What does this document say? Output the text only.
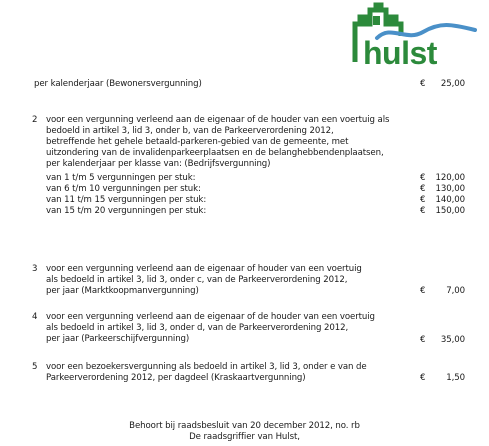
hulst
per kalenderjaar (Bewonersvergunning)	€	25,00
2 voor een vergunning verleend aan de eigenaar of de houder van een voertuig als
bedoeld in artikel 3, lid 3, onder b, van de Parkeerverordening 2012,
betreffende het gehele betaald-parkeren-gebied van de gemeente, met
uitzondering van de invalidenparkeerplaatsen en de belanghebbendenplaatsen,
per kalenderjaar per klasse van: (Bedrijfsvergunning)
van 1 t/m 5 vergunningen per stuk:	€	120,00
van 6 t/m 10 vergunningen per stuk:	€	130,00
van 11 t/m 15 vergunningen per stuk:	€	140,00
van 15 t/m 20 vergunningen per stuk:	€	150,00
3 voor een vergunning verleend aan de eigenaar of houder van een voertuig
als bedoeld in artikel 3, lid 3, onder c, van de Parkeerverordening 2012,
per jaar (Marktkoopmanvergunning)	€	7,00
4 voor een vergunning verleend aan de eigenaar of de houder van een voertuig
als bedoeld in artikel 3, lid 3, onder d, van de Parkeerverordening 2012,
per jaar (Parkeerschijfvergunning)	€	35,00
5 voor een bezoekersvergunning als bedoeld in artikel 3, lid 3, onder e van de
Parkeerverordening 2012, per dagdeel (Kraskaartvergunning)	€	1,50
Behoort bij raadsbesluit van 20 december 2012, no. rb
De raadsgriffier van Hulst,
